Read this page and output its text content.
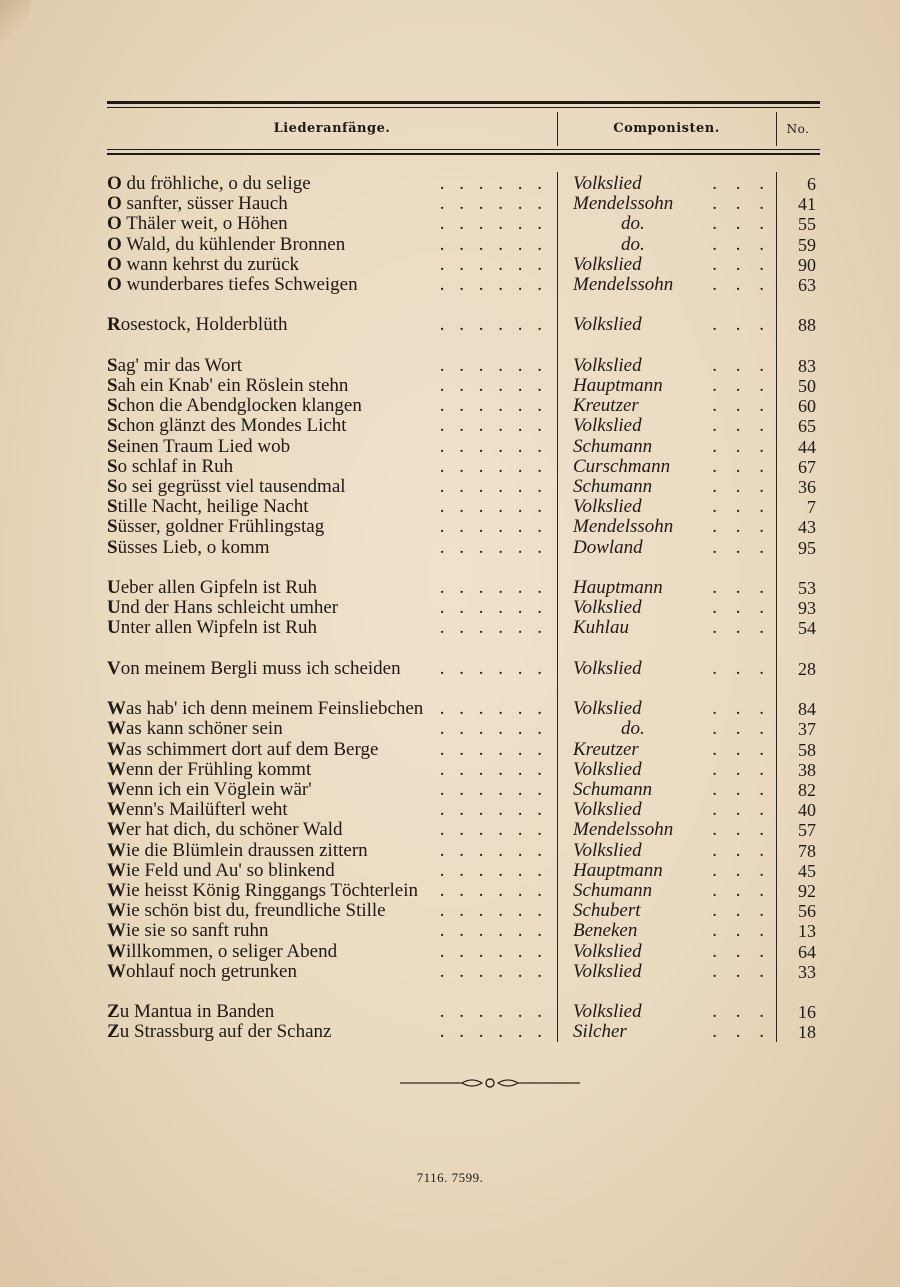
Liederanfänge.	Componisten.	No.
O du fröhliche, o du selige	. . . . . . Volkslied	. . .	6
O sanfter, süsser Hauch	. . . . . . Mendelssohn . . .	41
O Thäler weit, o Höhen	. . . . . .	do.	. . .	55
O Wald, du kühlender Bronnen	. . . . . .	do.	. . .	59
O wann kehrst du zurück	. . . . . . Volkslied	. . .	90
O wunderbares tiefes Schweigen	. . . . . . Mendelssohn . . .	63
Rosestock, Holderblüth	. . . . . . Volkslied	. . .	88
Sag' mir das Wort	. . . . . . Volkslied	. . .	83
Sah ein Knab' ein Röslein stehn	. . . . . . Hauptmann	. . .	50
Schon die Abendglocken klangen	. . . . . . Kreutzer	. . .	60
Schon glänzt des Mondes Licht	. . . . . . Volkslied	. . .	65
Seinen Traum Lied wob	. . . . . . Schumann	. . .	44
So schlaf in Ruh	. . . . . . Curschmann . . .	67
So sei gegrüsst viel tausendmal	. . . . . . Schumann	. . .	36
Stille Nacht, heilige Nacht	. . . . . . Volkslied	. . .	7
Süsser, goldner Frühlingstag	. . . . . . Mendelssohn . . .	43
Süsses Lieb, o komm	. . . . . . Dowland	. . .	95
Ueber allen Gipfeln ist Ruh	. . . . . . Hauptmann	. . .	53
Und der Hans schleicht umher	. . . . . . Volkslied	. . .	93
Unter allen Wipfeln ist Ruh	. . . . . . Kuhlau	. . .	54
Von meinem Bergli muss ich scheiden . . . . . . Volkslied	. . .	28
Was hab' ich denn meinem Feinsliebchen . . . . . . Volkslied	. . .	84
Was kann schöner sein	. . . . . .	do.	. . .	37
Was schimmert dort auf dem Berge	. . . . . . Kreutzer	. . .	58
Wenn der Frühling kommt	. . . . . . Volkslied	. . .	38
Wenn ich ein Vöglein wär'	. . . . . . Schumann	. . .	82
Wenn's Mailüfterl weht	. . . . . . Volkslied	. . .	40
Wer hat dich, du schöner Wald	. . . . . . Mendelssohn . . .	57
Wie die Blümlein draussen zittern	. . . . . . Volkslied	. . .	78
Wie Feld und Au' so blinkend	. . . . . . Hauptmann	. . .	45
Wie heisst König Ringgangs Töchterlein . . . . . . Schumann	. . .	92
Wie schön bist du, freundliche Stille	. . . . . . Schubert	. . .	56
Wie sie so sanft ruhn	. . . . . . Beneken	. . .	13
Willkommen, o seliger Abend	. . . . . . Volkslied	. . .	64
Wohlauf noch getrunken	. . . . . . Volkslied	. . .	33
Zu Mantua in Banden	. . . . . . Volkslied	. . .	16
Zu Strassburg auf der Schanz	. . . . . . Silcher	. . .	18
7116. 7599.
